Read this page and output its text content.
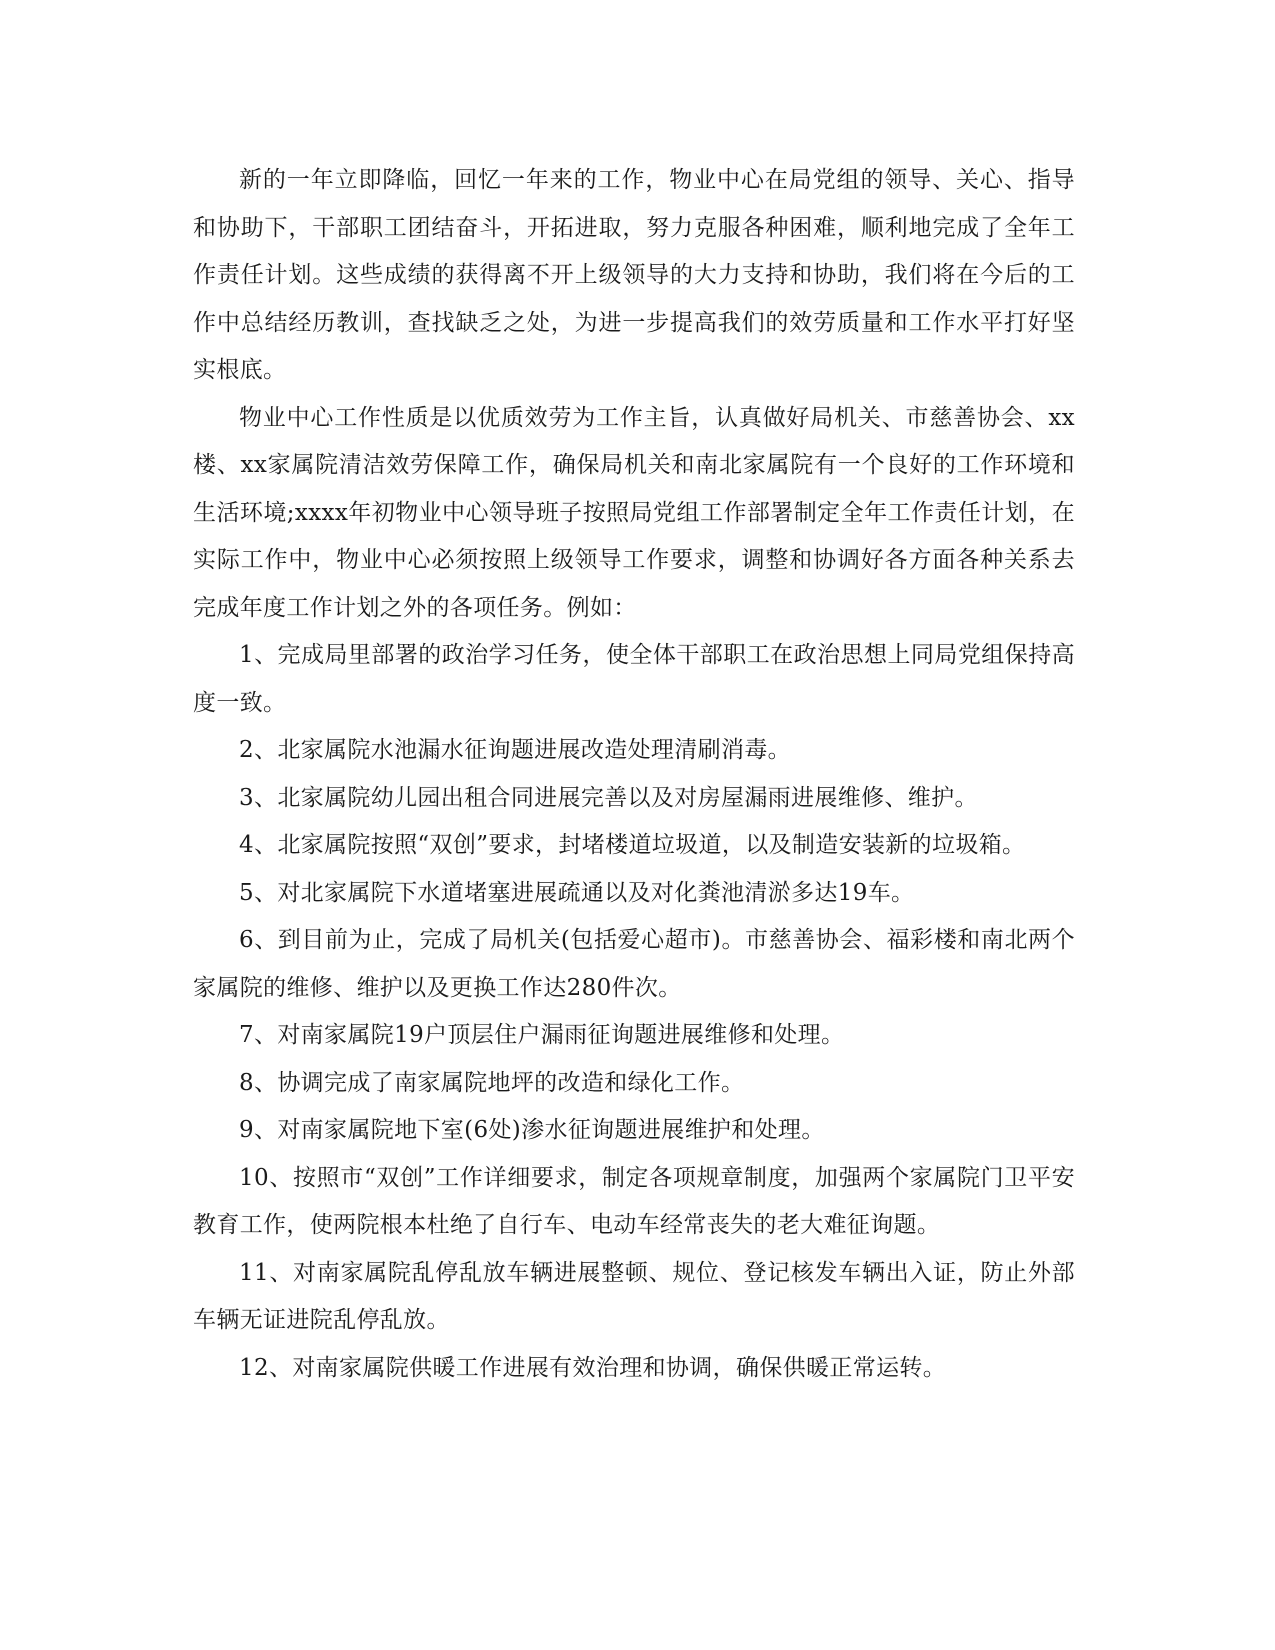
新的一年立即降临，回忆一年来的工作，物业中心在局党组的领导、关心、指导和协助下，干部职工团结奋斗，开拓进取，努力克服各种困难，顺利地完成了全年工作责任计划。这些成绩的获得离不开上级领导的大力支持和协助，我们将在今后的工作中总结经历教训，查找缺乏之处，为进一步提高我们的效劳质量和工作水平打好坚实根底。

物业中心工作性质是以优质效劳为工作主旨，认真做好局机关、市慈善协会、xx楼、xx家属院清洁效劳保障工作，确保局机关和南北家属院有一个良好的工作环境和生活环境;xxxx年初物业中心领导班子按照局党组工作部署制定全年工作责任计划，在实际工作中，物业中心必须按照上级领导工作要求，调整和协调好各方面各种关系去完成年度工作计划之外的各项任务。例如：

1、完成局里部署的政治学习任务，使全体干部职工在政治思想上同局党组保持高度一致。

2、北家属院水池漏水征询题进展改造处理清刷消毒。

3、北家属院幼儿园出租合同进展完善以及对房屋漏雨进展维修、维护。

4、北家属院按照“双创”要求，封堵楼道垃圾道，以及制造安装新的垃圾箱。

5、对北家属院下水道堵塞进展疏通以及对化粪池清淤多达19车。

6、到目前为止，完成了局机关(包括爱心超市)。市慈善协会、福彩楼和南北两个家属院的维修、维护以及更换工作达280件次。

7、对南家属院19户顶层住户漏雨征询题进展维修和处理。

8、协调完成了南家属院地坪的改造和绿化工作。

9、对南家属院地下室(6处)渗水征询题进展维护和处理。

10、按照市“双创”工作详细要求，制定各项规章制度，加强两个家属院门卫平安教育工作，使两院根本杜绝了自行车、电动车经常丧失的老大难征询题。

11、对南家属院乱停乱放车辆进展整顿、规位、登记核发车辆出入证，防止外部车辆无证进院乱停乱放。

12、对南家属院供暖工作进展有效治理和协调，确保供暖正常运转。
